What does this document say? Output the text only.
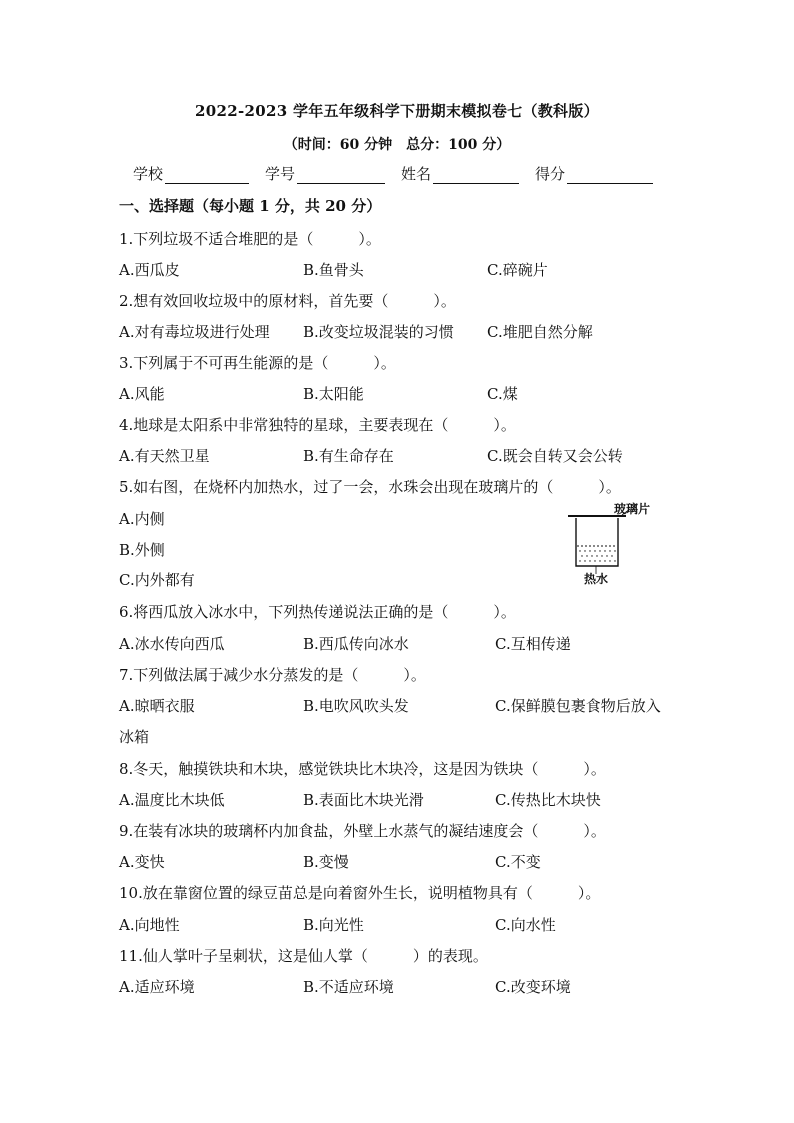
2022-2023 学年五年级科学下册期末模拟卷七（教科版）
（时间：60 分钟　总分：100 分）
学校	学号	姓名	得分
一、选择题（每小题 1 分，共 20 分）
1.下列垃圾不适合堆肥的是（　　　）。
A.西瓜皮	B.鱼骨头	C.碎碗片
2.想有效回收垃圾中的原材料，首先要（　　　）。
A.对有毒垃圾进行处理 B.改变垃圾混装的习惯 C.堆肥自然分解
3.下列属于不可再生能源的是（　　　）。
A.风能	B.太阳能	C.煤
4.地球是太阳系中非常独特的星球，主要表现在（　　　）。
A.有天然卫星	B.有生命存在	C.既会自转又会公转
5.如右图，在烧杯内加热水，过了一会，水珠会出现在玻璃片的（　　　）。
A.内侧
B.外侧
C.内外都有
玻璃片
热水
6.将西瓜放入冰水中，下列热传递说法正确的是（　　　）。
A.冰水传向西瓜	B.西瓜传向冰水	C.互相传递
7.下列做法属于减少水分蒸发的是（　　　）。
A.晾晒衣服	B.电吹风吹头发	C.保鲜膜包裹食物后放入
冰箱
8.冬天，触摸铁块和木块，感觉铁块比木块冷，这是因为铁块（　　　）。
A.温度比木块低	B.表面比木块光滑	C.传热比木块快
9.在装有冰块的玻璃杯内加食盐，外壁上水蒸气的凝结速度会（　　　）。
A.变快	B.变慢	C.不变
10.放在靠窗位置的绿豆苗总是向着窗外生长，说明植物具有（　　　）。
A.向地性	B.向光性	C.向水性
11.仙人掌叶子呈刺状，这是仙人掌（　　　）的表现。
A.适应环境	B.不适应环境	C.改变环境
